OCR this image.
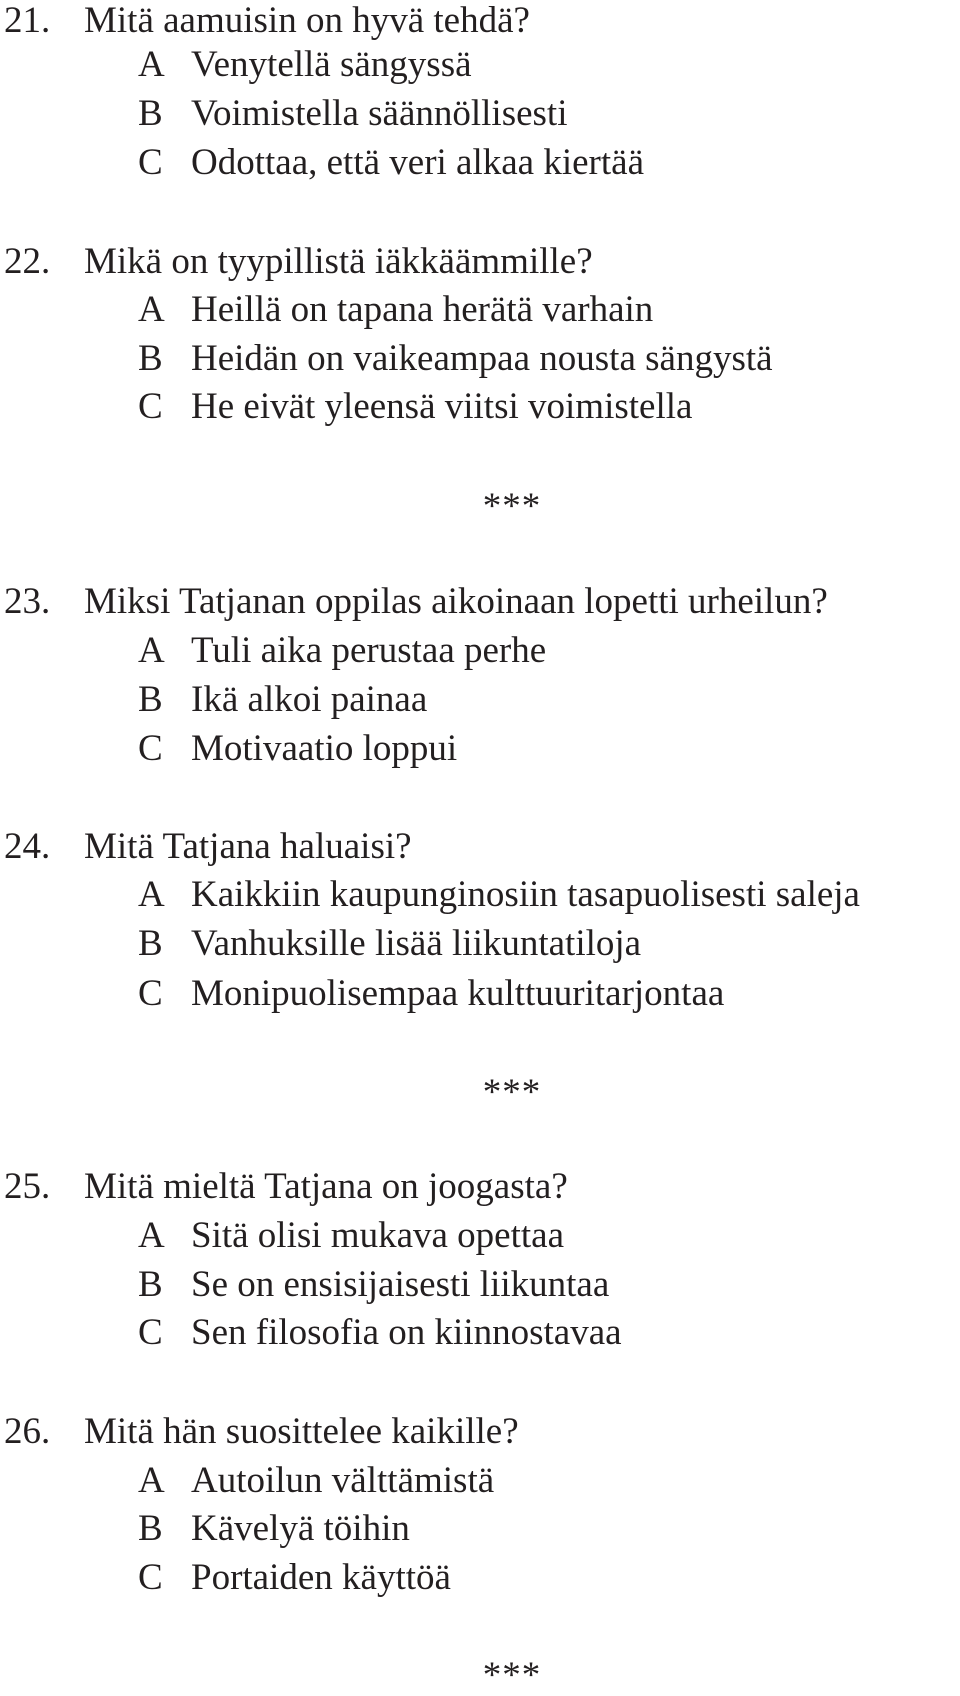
21. Mitä aamuisin on hyvä tehdä?
A Venytellä sängyssä
B Voimistella säännöllisesti
C Odottaa, että veri alkaa kiertää
22. Mikä on tyypillistä iäkkäämmille?
A Heillä on tapana herätä varhain
B Heidän on vaikeampaa nousta sängystä
C He eivät yleensä viitsi voimistella
***
23. Miksi Tatjanan oppilas aikoinaan lopetti urheilun?
A Tuli aika perustaa perhe
B Ikä alkoi painaa
C Motivaatio loppui
24. Mitä Tatjana haluaisi?
A Kaikkiin kaupunginosiin tasapuolisesti saleja
B Vanhuksille lisää liikuntatiloja
C Monipuolisempaa kulttuuritarjontaa
***
25. Mitä mieltä Tatjana on joogasta?
A Sitä olisi mukava opettaa
B Se on ensisijaisesti liikuntaa
C Sen filosofia on kiinnostavaa
26. Mitä hän suosittelee kaikille?
A Autoilun välttämistä
B Kävelyä töihin
C Portaiden käyttöä
***
